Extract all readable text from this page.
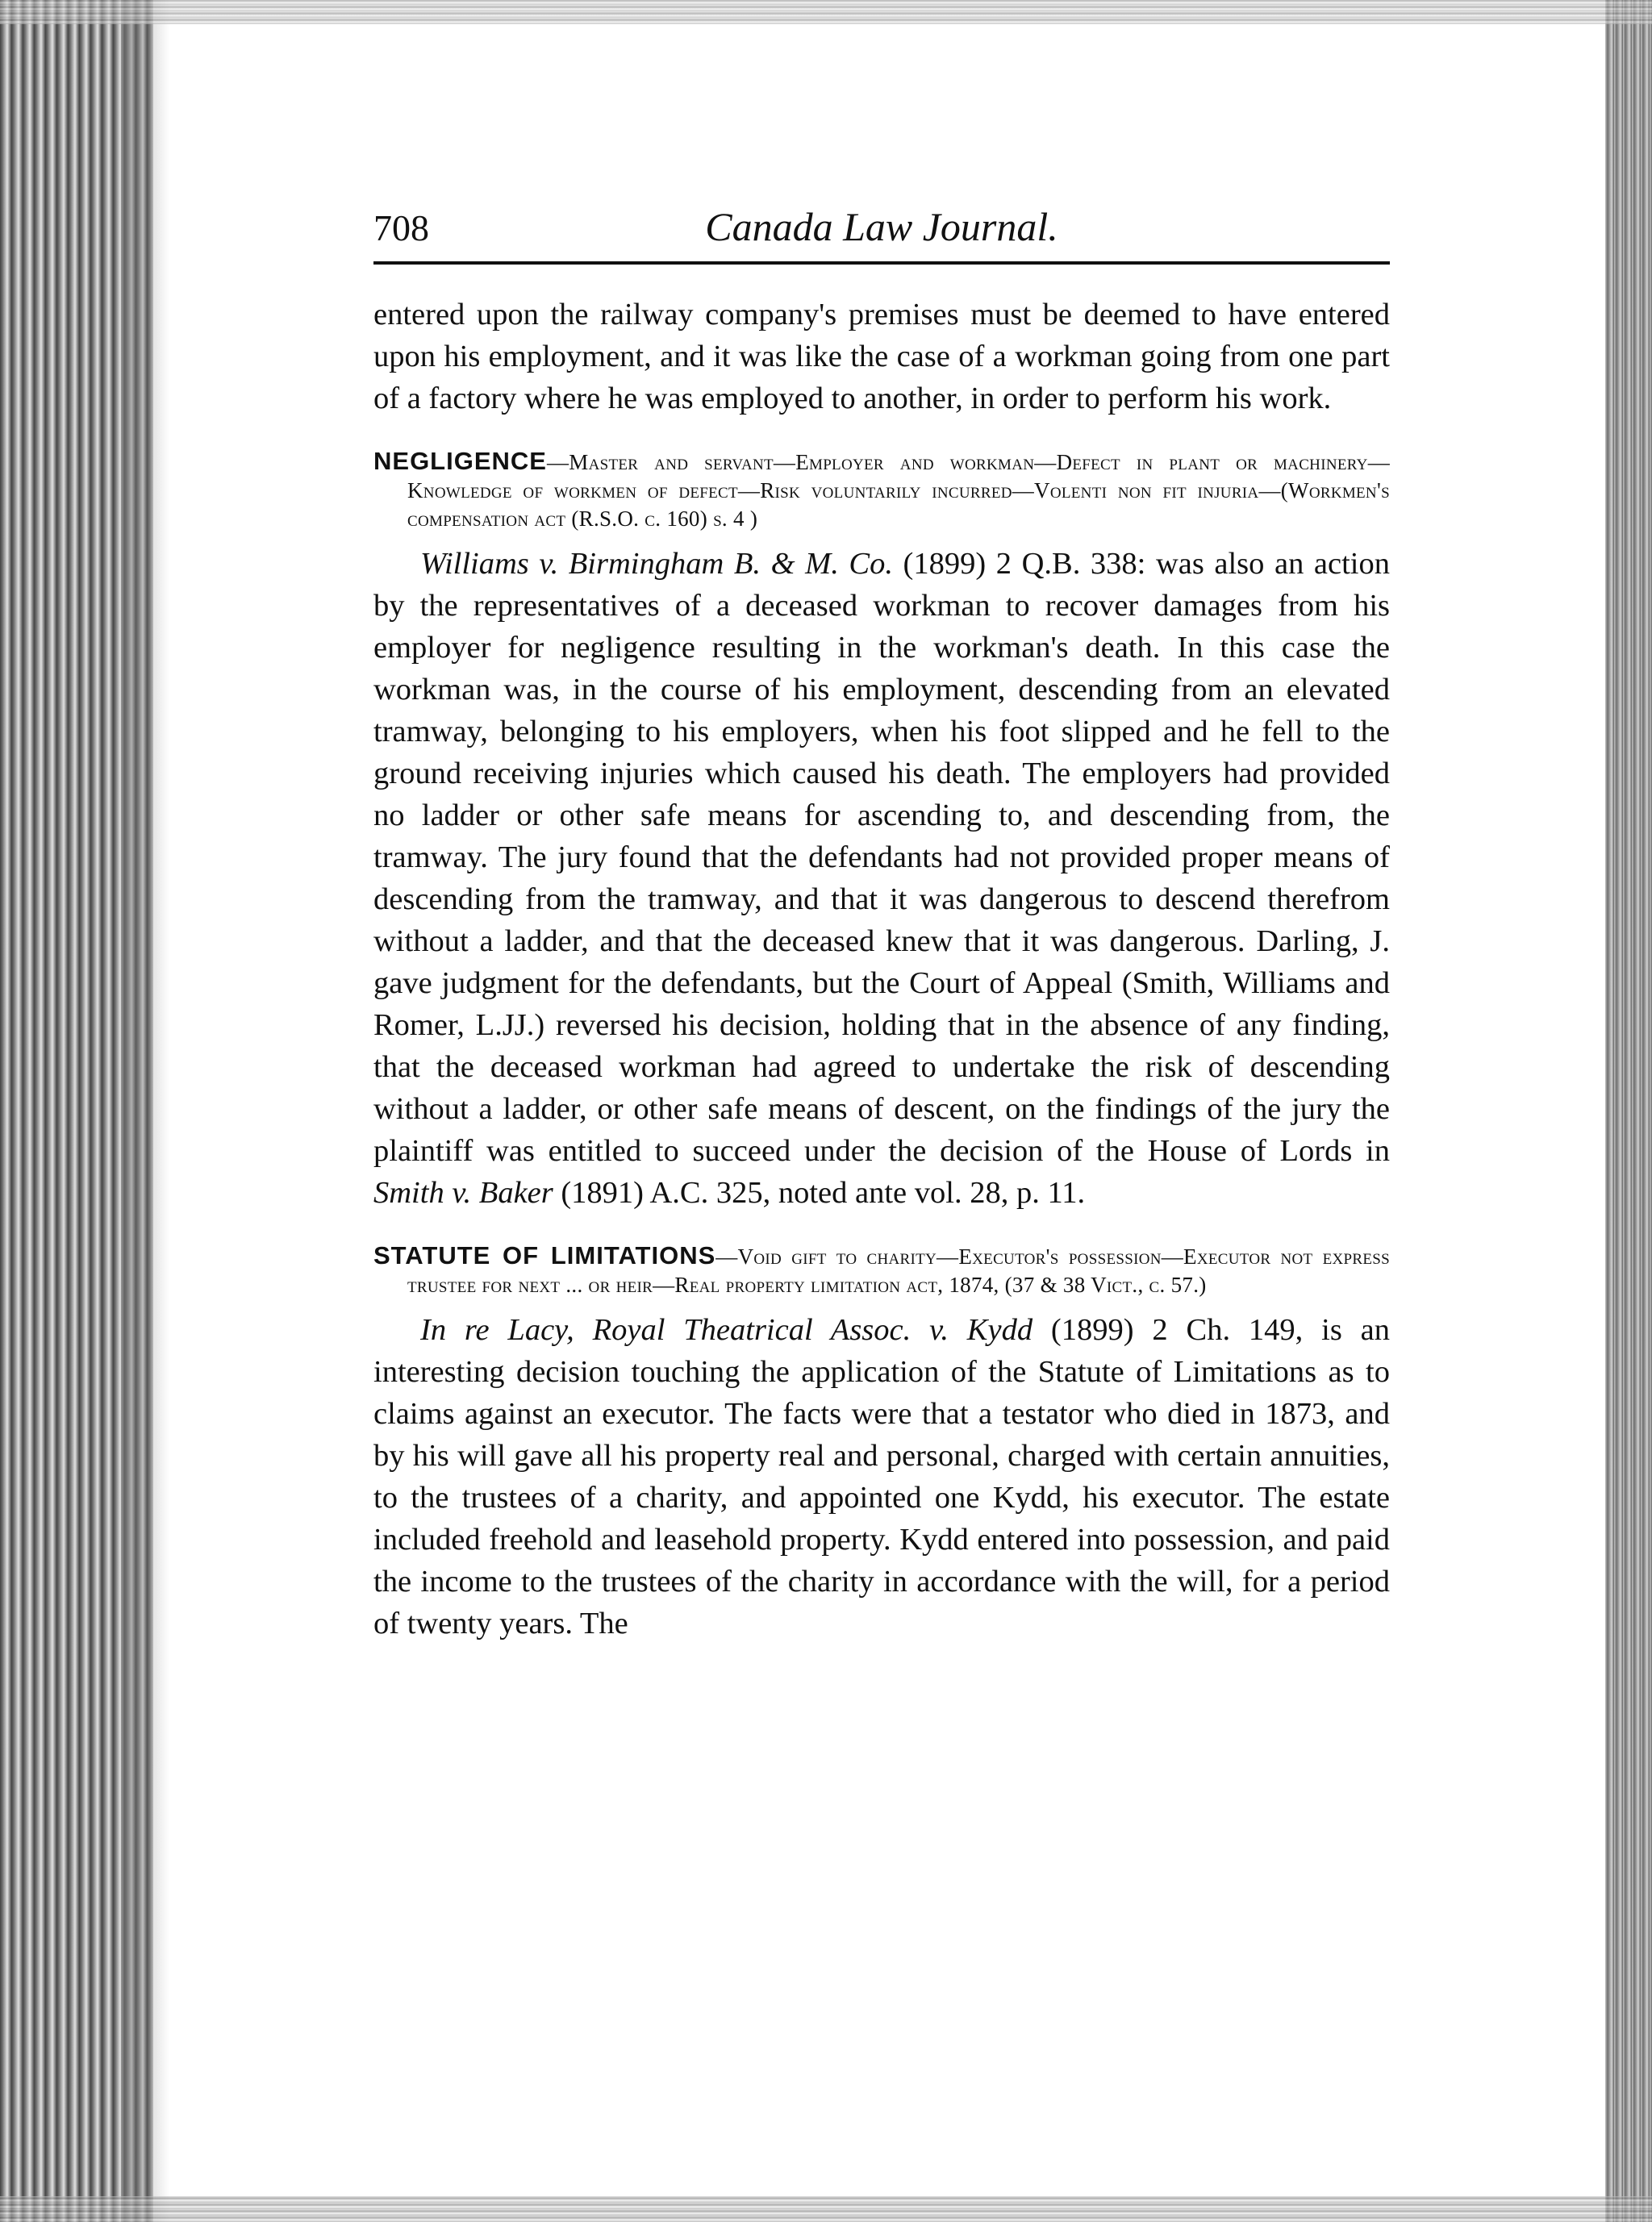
708	Canada Law Journal.

entered upon the railway company's premises must be deemed to have entered upon his employment, and it was like the case of a workman going from one part of a factory where he was employed to another, in order to perform his work.

NEGLIGENCE—Master and servant—Employer and workman—Defect in plant or machinery—Knowledge of workmen of defect—Risk voluntarily incurred—Volenti non fit injuria—(Workmen's compensation act (R.S.O. c. 160) s. 4 )

Williams v. Birmingham B. & M. Co. (1899) 2 Q.B. 338: was also an action by the representatives of a deceased workman to recover damages from his employer for negligence resulting in the workman's death. In this case the workman was, in the course of his employment, descending from an elevated tramway, belonging to his employers, when his foot slipped and he fell to the ground receiving injuries which caused his death. The employers had provided no ladder or other safe means for ascending to, and descending from, the tramway. The jury found that the defendants had not provided proper means of descending from the tramway, and that it was dangerous to descend therefrom without a ladder, and that the deceased knew that it was dangerous. Darling, J. gave judgment for the defendants, but the Court of Appeal (Smith, Williams and Romer, L.JJ.) reversed his decision, holding that in the absence of any finding, that the deceased workman had agreed to undertake the risk of descending without a ladder, or other safe means of descent, on the findings of the jury the plaintiff was entitled to succeed under the decision of the House of Lords in Smith v. Baker (1891) A.C. 325, noted ante vol. 28, p. 11.

STATUTE OF LIMITATIONS—Void gift to charity—Executor's possession—Executor not express trustee for next ... or heir—Real property limitation act, 1874, (37 & 38 Vict., c. 57.)

In re Lacy, Royal Theatrical Assoc. v. Kydd (1899) 2 Ch. 149, is an interesting decision touching the application of the Statute of Limitations as to claims against an executor. The facts were that a testator who died in 1873, and by his will gave all his property real and personal, charged with certain annuities, to the trustees of a charity, and appointed one Kydd, his executor. The estate included freehold and leasehold property. Kydd entered into possession, and paid the income to the trustees of the charity in accordance with the will, for a period of twenty years. The
